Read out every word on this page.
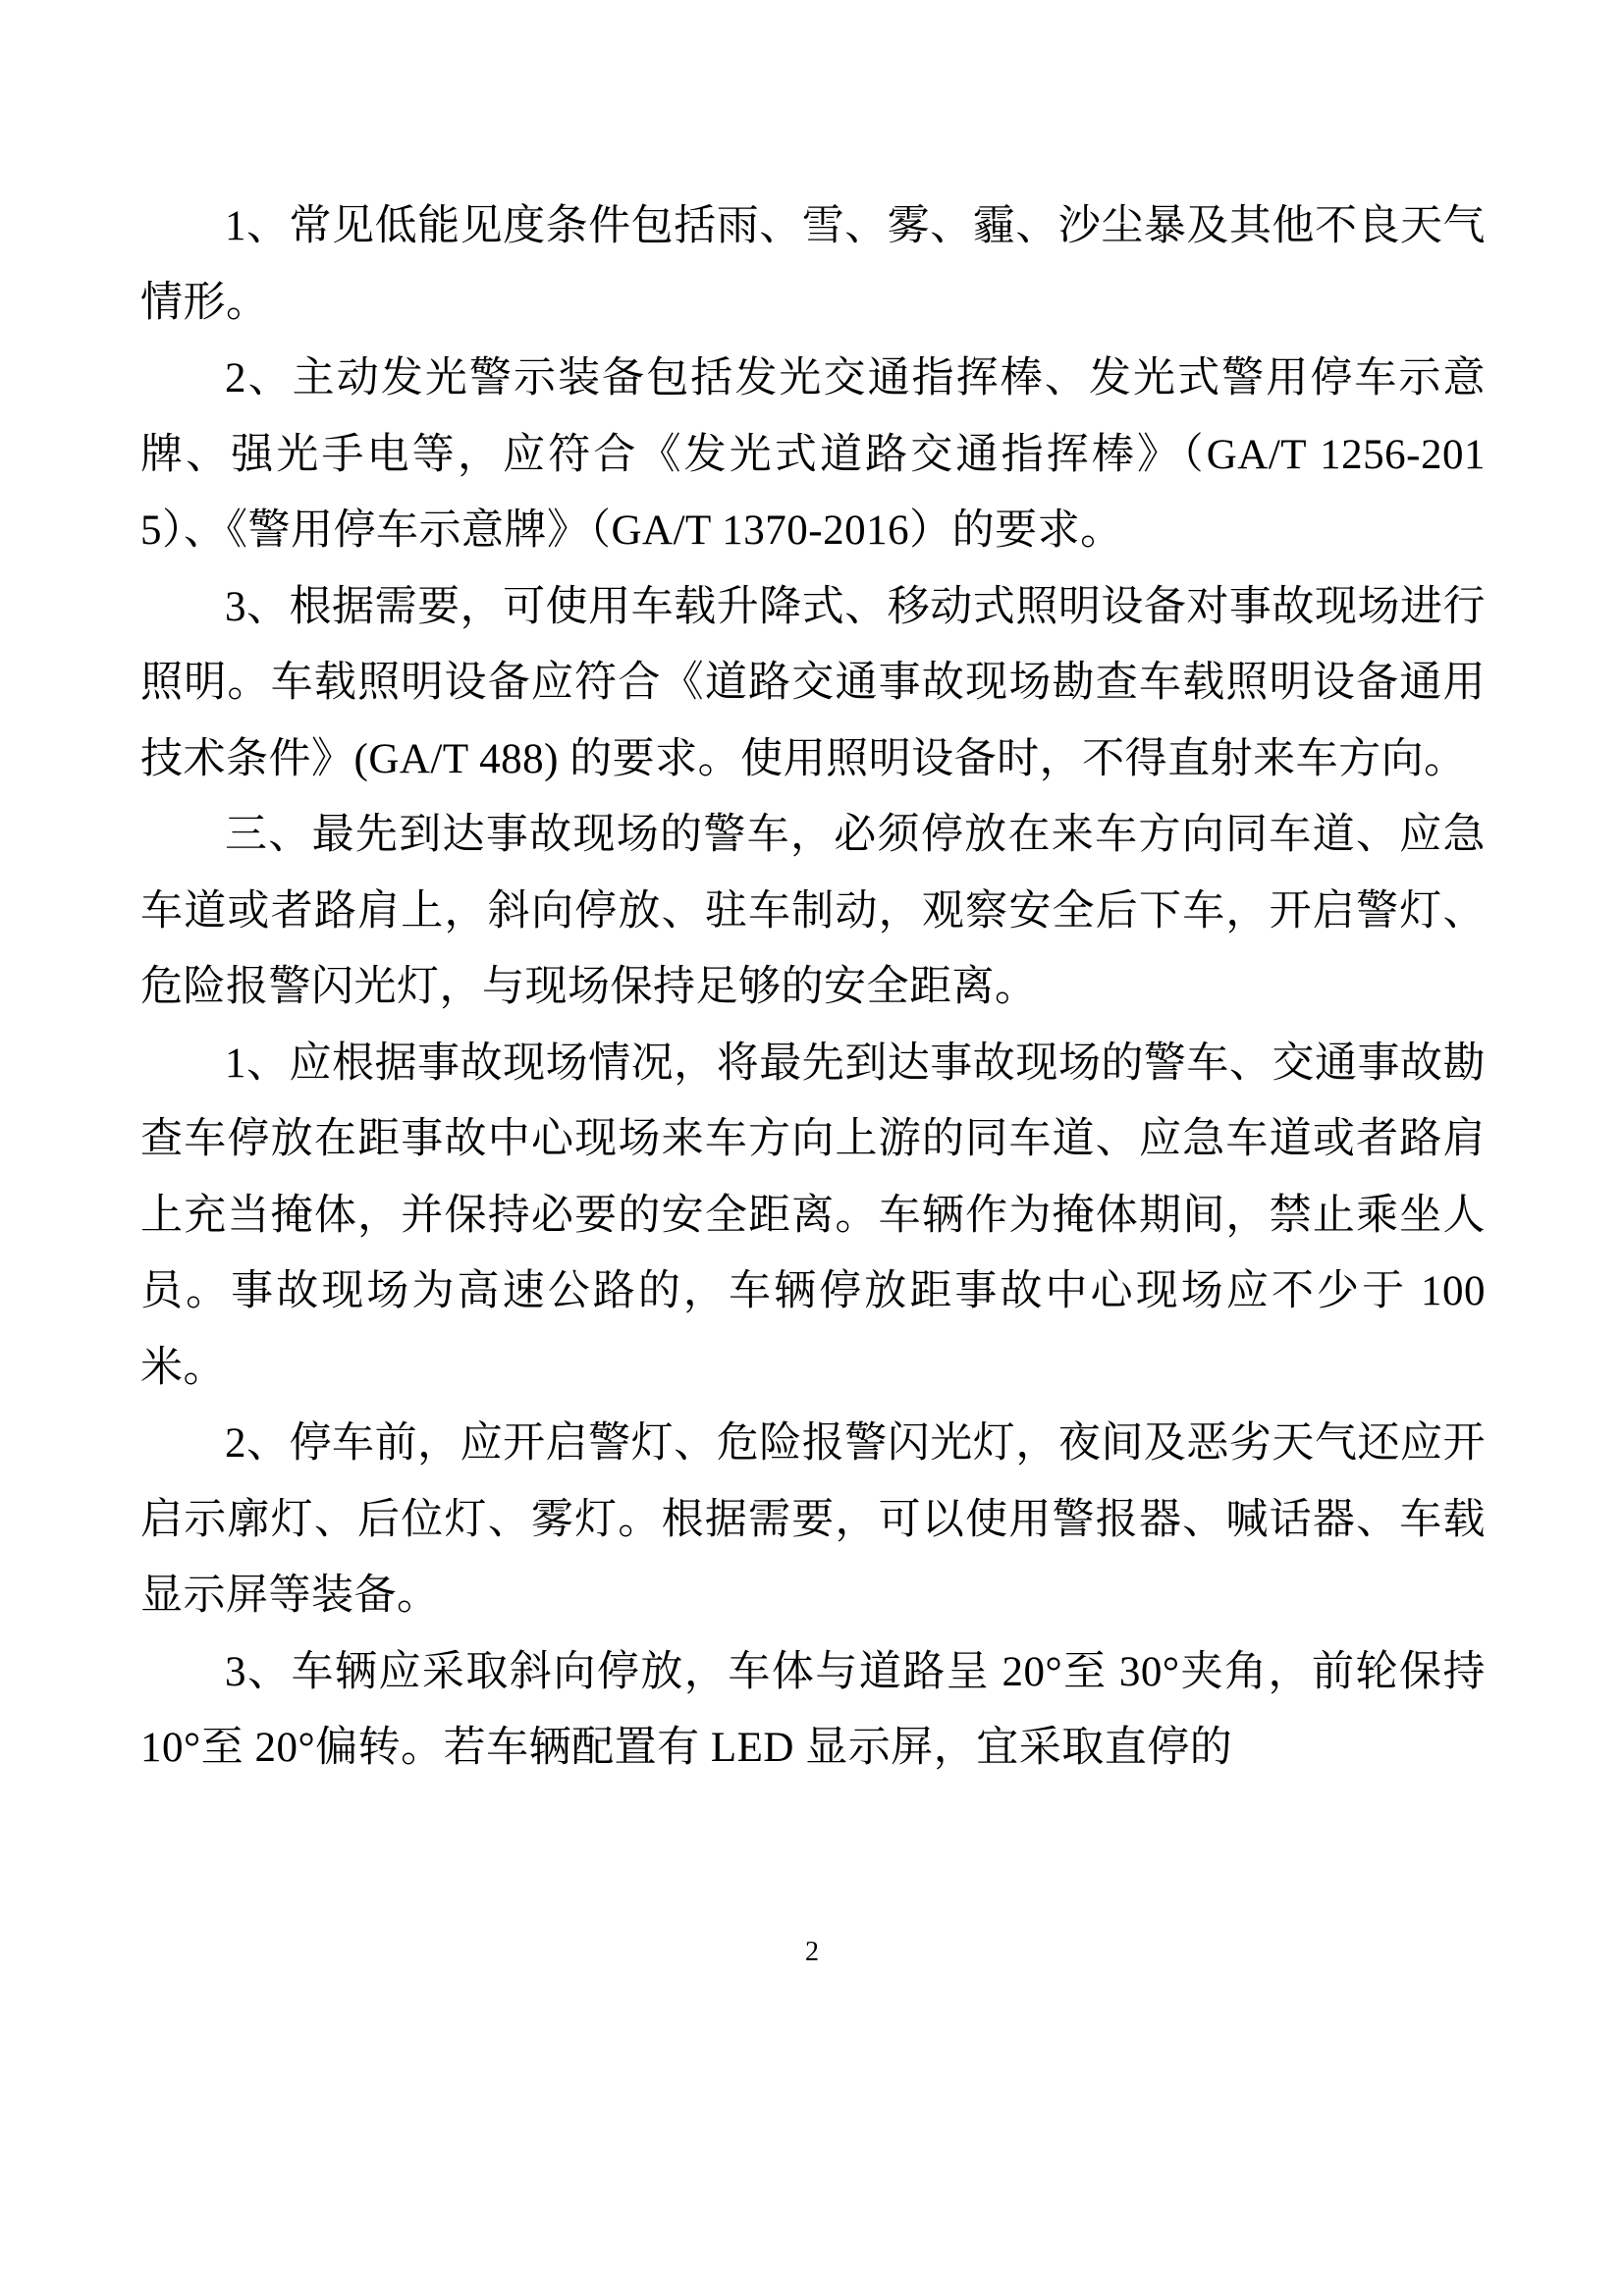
1、常见低能见度条件包括雨、雪、雾、霾、沙尘暴及其他不良天气情形。

2、主动发光警示装备包括发光交通指挥棒、发光式警用停车示意牌、强光手电等，应符合《发光式道路交通指挥棒》（GA/T 1256-2015）、《警用停车示意牌》（GA/T 1370-2016）的要求。

3、根据需要，可使用车载升降式、移动式照明设备对事故现场进行照明。车载照明设备应符合《道路交通事故现场勘查车载照明设备通用技术条件》(GA/T 488) 的要求。使用照明设备时，不得直射来车方向。

三、最先到达事故现场的警车，必须停放在来车方向同车道、应急车道或者路肩上，斜向停放、驻车制动，观察安全后下车，开启警灯、危险报警闪光灯，与现场保持足够的安全距离。

1、应根据事故现场情况，将最先到达事故现场的警车、交通事故勘查车停放在距事故中心现场来车方向上游的同车道、应急车道或者路肩上充当掩体，并保持必要的安全距离。车辆作为掩体期间，禁止乘坐人员。事故现场为高速公路的，车辆停放距事故中心现场应不少于 100 米。

2、停车前，应开启警灯、危险报警闪光灯，夜间及恶劣天气还应开启示廓灯、后位灯、雾灯。根据需要，可以使用警报器、喊话器、车载显示屏等装备。

3、车辆应采取斜向停放，车体与道路呈 20°至 30°夹角，前轮保持 10°至 20°偏转。若车辆配置有 LED 显示屏，宜采取直停的

2
